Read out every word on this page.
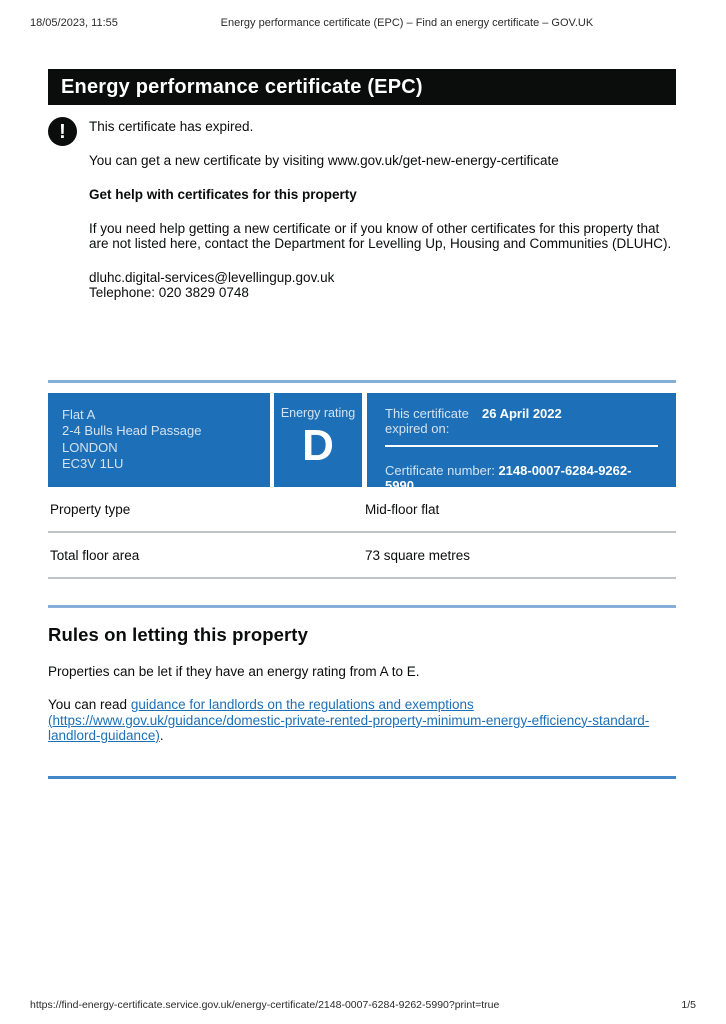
18/05/2023, 11:55	Energy performance certificate (EPC) – Find an energy certificate – GOV.UK
Energy performance certificate (EPC)
! This certificate has expired.

You can get a new certificate by visiting www.gov.uk/get-new-energy-certificate

Get help with certificates for this property

If you need help getting a new certificate or if you know of other certificates for this property that are not listed here, contact the Department for Levelling Up, Housing and Communities (DLUHC).

dluhc.digital-services@levellingup.gov.uk
Telephone: 020 3829 0748

Flat A
2-4 Bulls Head Passage
LONDON
EC3V 1LU
Energy rating
D
This certificate expired on:
26 April 2022
Certificate number: 2148-0007-6284-9262-5990
Property type	Mid-floor flat
Total floor area	73 square metres
Rules on letting this property

Properties can be let if they have an energy rating from A to E.

You can read guidance for landlords on the regulations and exemptions (https://www.gov.uk/guidance/domestic-private-rented-property-minimum-energy-efficiency-standard-landlord-guidance).

https://find-energy-certificate.service.gov.uk/energy-certificate/2148-0007-6284-9262-5990?print=true	1/5
